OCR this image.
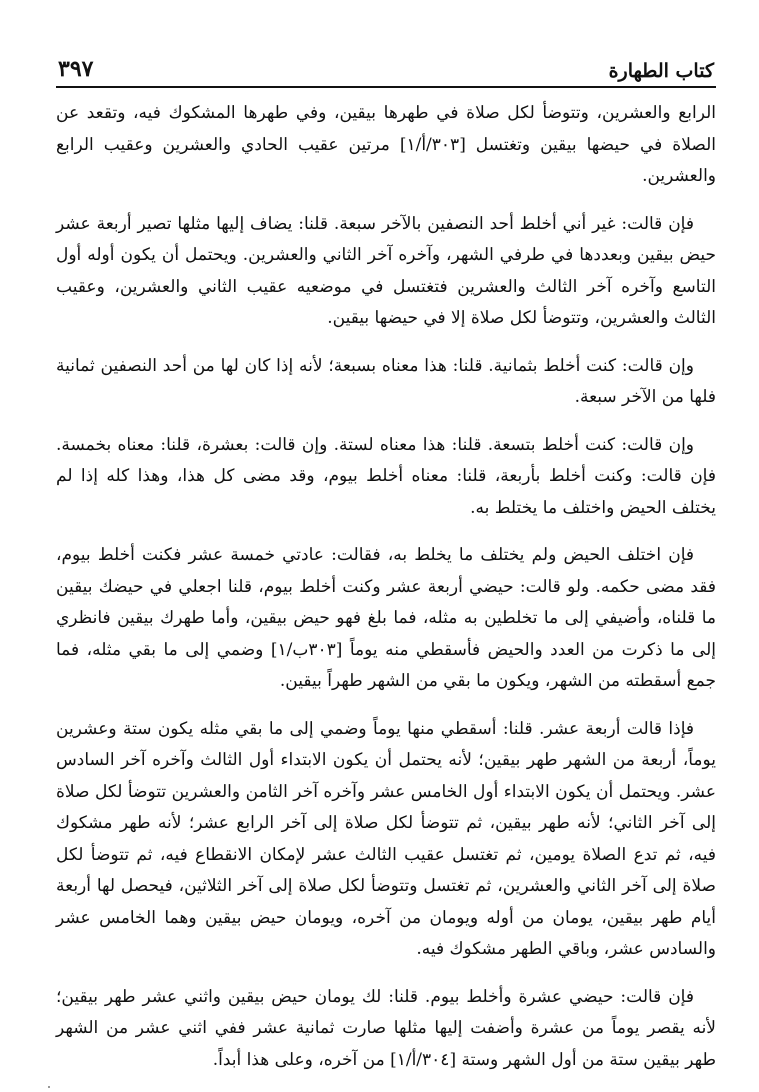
كتاب الطهارة
٣٩٧

الرابع والعشرين، وتتوضأ لكل صلاة في طهرها بيقين، وفي طهرها المشكوك فيه، وتقعد عن الصلاة في حيضها بيقين وتغتسل [٣٠٣/أ/١] مرتين عقيب الحادي والعشرين وعقيب الرابع والعشرين.

فإن قالت: غير أني أخلط أحد النصفين بالآخر سبعة. قلنا: يضاف إليها مثلها تصير أربعة عشر حيض بيقين وبعددها في طرفي الشهر، وآخره آخر الثاني والعشرين. ويحتمل أن يكون أوله أول التاسع وآخره آخر الثالث والعشرين فتغتسل في موضعيه عقيب الثاني والعشرين، وعقيب الثالث والعشرين، وتتوضأ لكل صلاة إلا في حيضها بيقين.

وإن قالت: كنت أخلط بثمانية. قلنا: هذا معناه بسبعة؛ لأنه إذا كان لها من أحد النصفين ثمانية فلها من الآخر سبعة.

وإن قالت: كنت أخلط بتسعة. قلنا: هذا معناه لستة. وإن قالت: بعشرة، قلنا: معناه بخمسة. فإن قالت: وكنت أخلط بأربعة، قلنا: معناه أخلط بيوم، وقد مضى كل هذا، وهذا كله إذا لم يختلف الحيض واختلف ما يختلط به.

فإن اختلف الحيض ولم يختلف ما يخلط به، فقالت: عادتي خمسة عشر فكنت أخلط بيوم، فقد مضى حكمه. ولو قالت: حيضي أربعة عشر وكنت أخلط بيوم، قلنا اجعلي في حيضك بيقين ما قلناه، وأضيفي إلى ما تخلطين به مثله، فما بلغ فهو حيض بيقين، وأما طهرك بيقين فانظري إلى ما ذكرت من العدد والحيض فأسقطي منه يوماً [٣٠٣ب/١] وضمي إلى ما بقي مثله، فما جمع أسقطته من الشهر، ويكون ما بقي من الشهر طهراً بيقين.

فإذا قالت أربعة عشر. قلنا: أسقطي منها يوماً وضمي إلى ما بقي مثله يكون ستة وعشرين يوماً، أربعة من الشهر طهر بيقين؛ لأنه يحتمل أن يكون الابتداء أول الثالث وآخره آخر السادس عشر. ويحتمل أن يكون الابتداء أول الخامس عشر وآخره آخر الثامن والعشرين تتوضأ لكل صلاة إلى آخر الثاني؛ لأنه طهر بيقين، ثم تتوضأ لكل صلاة إلى آخر الرابع عشر؛ لأنه طهر مشكوك فيه، ثم تدع الصلاة يومين، ثم تغتسل عقيب الثالث عشر لإمكان الانقطاع فيه، ثم تتوضأ لكل صلاة إلى آخر الثاني والعشرين، ثم تغتسل وتتوضأ لكل صلاة إلى آخر الثلاثين، فيحصل لها أربعة أيام طهر بيقين، يومان من أوله ويومان من آخره، ويومان حيض بيقين وهما الخامس عشر والسادس عشر، وباقي الطهر مشكوك فيه.

فإن قالت: حيضي عشرة وأخلط بيوم. قلنا: لك يومان حيض بيقين واثني عشر طهر بيقين؛ لأنه يقصر يوماً من عشرة وأضفت إليها مثلها صارت ثمانية عشر ففي اثني عشر من الشهر طهر بيقين ستة من أول الشهر وستة [٣٠٤/أ/١] من آخره، وعلى هذا أبداً.
